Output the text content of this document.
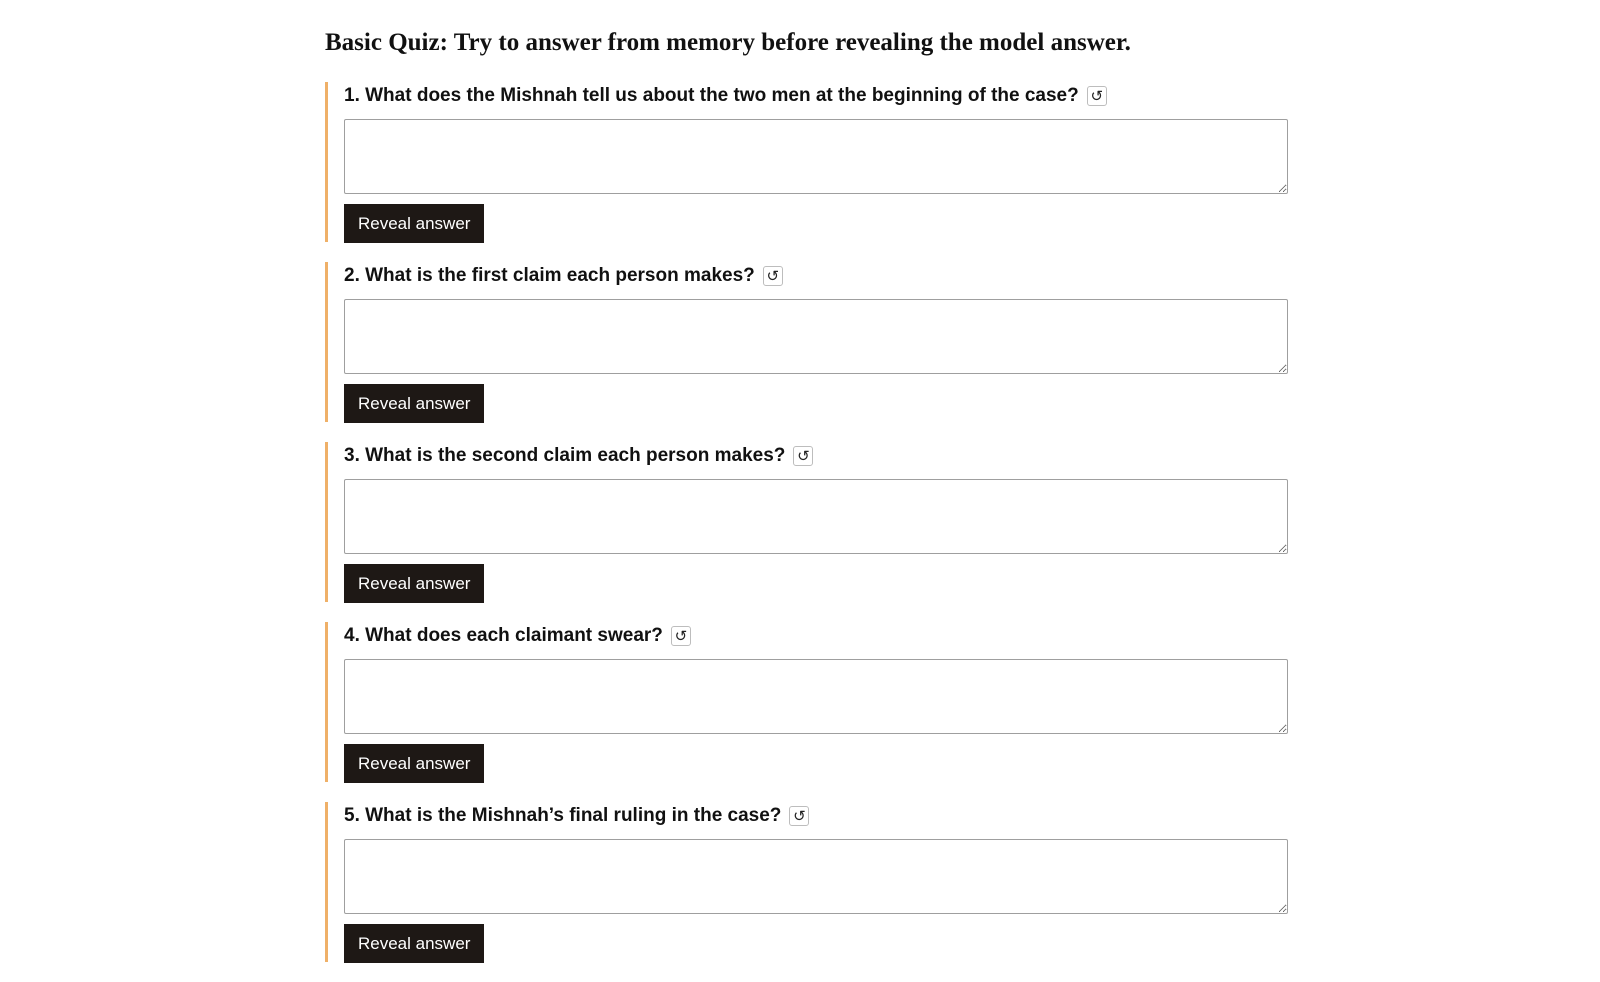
Basic Quiz: Try to answer from memory before revealing the model answer.
1. What does the Mishnah tell us about the two men at the beginning of the case? ↺
Reveal answer
2. What is the first claim each person makes? ↺
Reveal answer
3. What is the second claim each person makes? ↺
Reveal answer
4. What does each claimant swear? ↺
Reveal answer
5. What is the Mishnah’s final ruling in the case? ↺
Reveal answer
